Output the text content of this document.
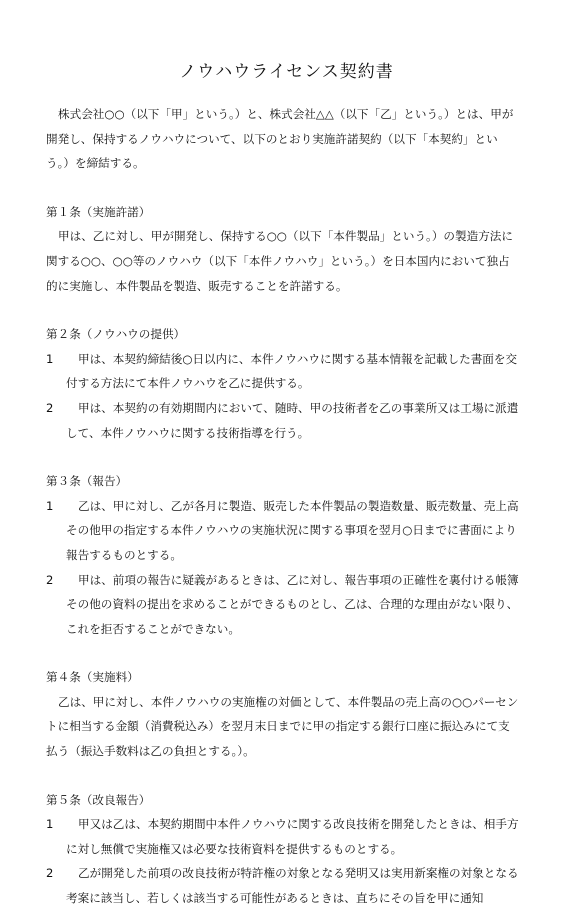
ノウハウライセンス契約書

株式会社○○（以下「甲」という。）と、株式会社△△（以下「乙」という。）とは、甲が開発し、保持するノウハウについて、以下のとおり実施許諾契約（以下「本契約」という。）を締結する。

第１条（実施許諾）

甲は、乙に対し、甲が開発し、保持する○○（以下「本件製品」という。）の製造方法に関する○○、○○等のノウハウ（以下「本件ノウハウ」という。）を日本国内において独占的に実施し、本件製品を製造、販売することを許諾する。

第２条（ノウハウの提供）
1	甲は、本契約締結後○日以内に、本件ノウハウに関する基本情報を記載した書面を交付する方法にて本件ノウハウを乙に提供する。
2	甲は、本契約の有効期間内において、随時、甲の技術者を乙の事業所又は工場に派遣して、本件ノウハウに関する技術指導を行う。
第３条（報告）
1	乙は、甲に対し、乙が各月に製造、販売した本件製品の製造数量、販売数量、売上高その他甲の指定する本件ノウハウの実施状況に関する事項を翌月○日までに書面により報告するものとする。
2	甲は、前項の報告に疑義があるときは、乙に対し、報告事項の正確性を裏付ける帳簿その他の資料の提出を求めることができるものとし、乙は、合理的な理由がない限り、これを拒否することができない。
第４条（実施料）

乙は、甲に対し、本件ノウハウの実施権の対価として、本件製品の売上高の○○パーセントに相当する金額（消費税込み）を翌月末日までに甲の指定する銀行口座に振込みにて支払う（振込手数料は乙の負担とする。）。

第５条（改良報告）
1	甲又は乙は、本契約期間中本件ノウハウに関する改良技術を開発したときは、相手方に対し無償で実施権又は必要な技術資料を提供するものとする。
2	乙が開発した前項の改良技術が特許権の対象となる発明又は実用新案権の対象となる考案に該当し、若しくは該当する可能性があるときは、直ちにその旨を甲に通知
